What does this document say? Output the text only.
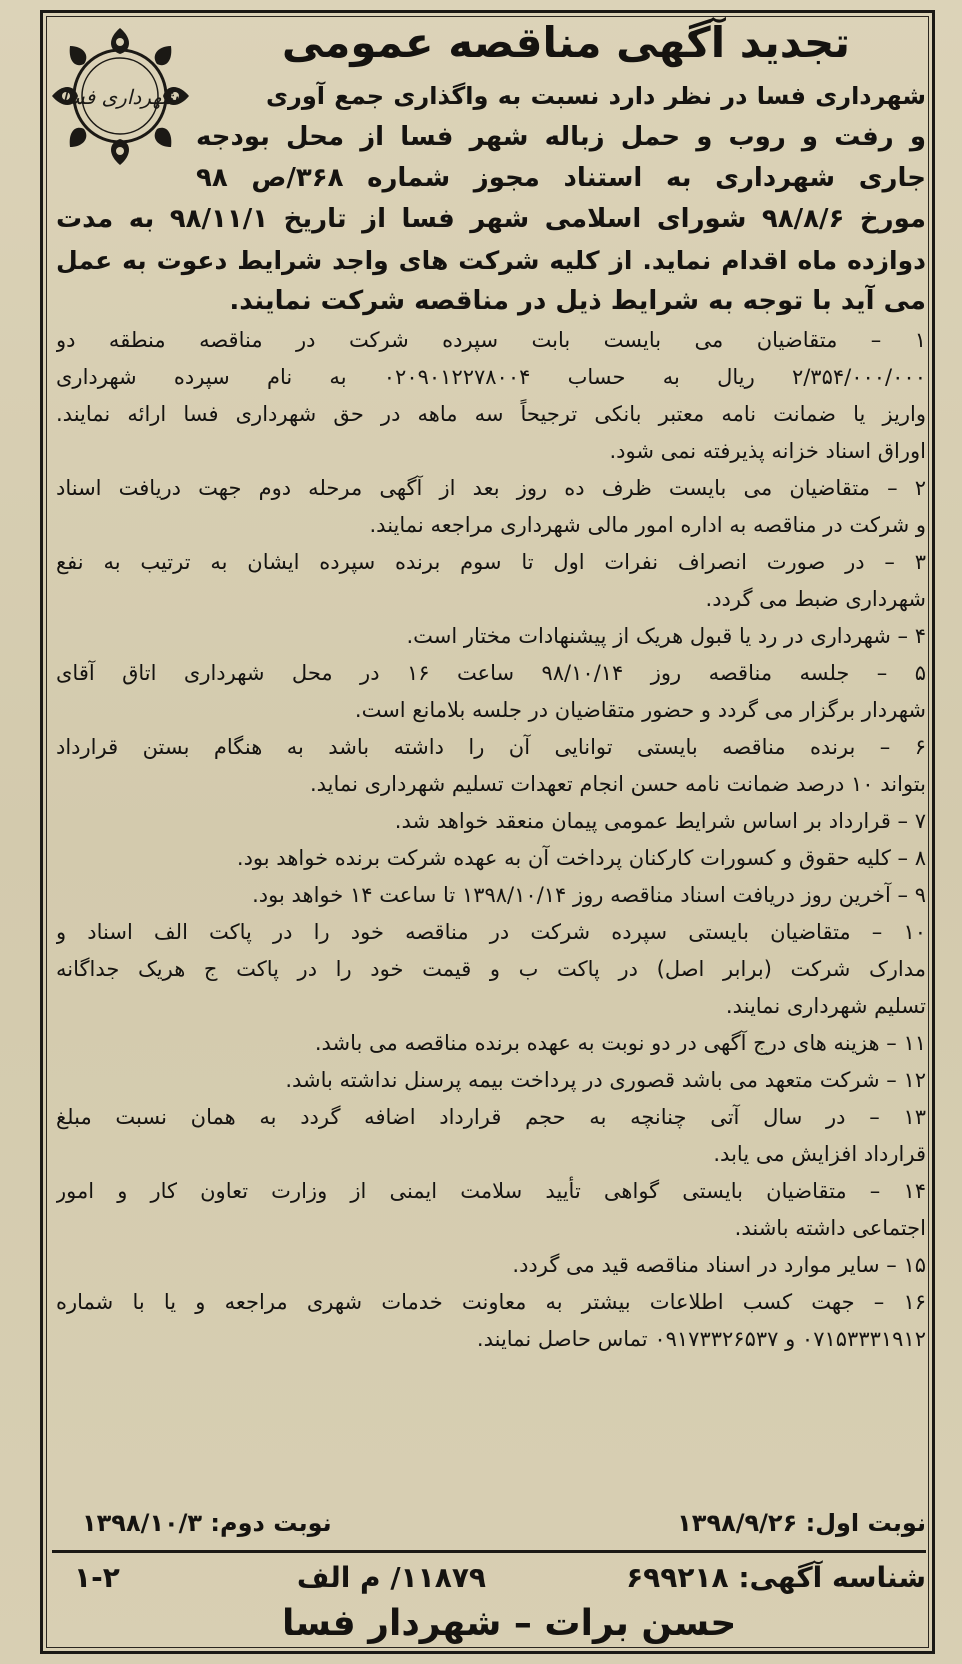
شهرداری فسا
تجدید آگهی مناقصه عمومی
شهرداری فسا در نظر دارد نسبت به واگذاری جمع آوری
و رفت و روب و حمل زباله شهر فسا از محل بودجه
جاری شهرداری به استناد مجوز شماره ۳۶۸/ص ۹۸
مورخ ۹۸/۸/۶ شورای اسلامی شهر فسا از تاریخ ۹۸/۱۱/۱ به مدت
دوازده ماه اقدام نماید. از کلیه شرکت های واجد شرایط دعوت به عمل
می آید با توجه به شرایط ذیل در مناقصه شرکت نمایند.
۱ – متقاضیان می بایست بابت سپرده شرکت در مناقصه منطقه دو
۲/۳۵۴/۰۰۰/۰۰۰ ریال به حساب ۰۲۰۹۰۱۲۲۷۸۰۰۴ به نام سپرده شهرداری
واریز یا ضمانت نامه معتبر بانکی ترجیحاً سه ماهه در حق شهرداری فسا ارائه نمایند.
اوراق اسناد خزانه پذیرفته نمی شود.
۲ – متقاضیان می بایست ظرف ده روز بعد از آگهی مرحله دوم جهت دریافت اسناد
و شرکت در مناقصه به اداره امور مالی شهرداری مراجعه نمایند.
۳ – در صورت انصراف نفرات اول تا سوم برنده سپرده ایشان به ترتیب به نفع
شهرداری ضبط می گردد.
۴ – شهرداری در رد یا قبول هریک از پیشنهادات مختار است.
۵ – جلسه مناقصه روز ۹۸/۱۰/۱۴ ساعت ۱۶ در محل شهرداری اتاق آقای
شهردار برگزار می گردد و حضور متقاضیان در جلسه بلامانع است.
۶ – برنده مناقصه بایستی توانایی آن را داشته باشد به هنگام بستن قرارداد
بتواند ۱۰ درصد ضمانت نامه حسن انجام تعهدات تسلیم شهرداری نماید.
۷ – قرارداد بر اساس شرایط عمومی پیمان منعقد خواهد شد.
۸ – کلیه حقوق و کسورات کارکنان پرداخت آن به عهده شرکت برنده خواهد بود.
۹ – آخرین روز دریافت اسناد مناقصه روز ۱۳۹۸/۱۰/۱۴ تا ساعت ۱۴ خواهد بود.
۱۰ – متقاضیان بایستی سپرده شرکت در مناقصه خود را در پاکت الف اسناد و
مدارک شرکت (برابر اصل) در پاکت ب و قیمت خود را در پاکت ج هریک جداگانه
تسلیم شهرداری نمایند.
۱۱ – هزینه های درج آگهی در دو نوبت به عهده برنده مناقصه می باشد.
۱۲ – شرکت متعهد می باشد قصوری در پرداخت بیمه پرسنل نداشته باشد.
۱۳ – در سال آتی چنانچه به حجم قرارداد اضافه گردد به همان نسبت مبلغ
قرارداد افزایش می یابد.
۱۴ – متقاضیان بایستی گواهی تأیید سلامت ایمنی از وزارت تعاون کار و امور
اجتماعی داشته باشند.
۱۵ – سایر موارد در اسناد مناقصه قید می گردد.
۱۶ – جهت کسب اطلاعات بیشتر به معاونت خدمات شهری مراجعه و یا با شماره
۰۷۱۵۳۳۳۱۹۱۲ و ۰۹۱۷۳۳۲۶۵۳۷ تماس حاصل نمایند.
نوبت اول: ۱۳۹۸/۹/۲۶
نوبت دوم: ۱۳۹۸/۱۰/۳
شناسه آگهی: ۶۹۹۲۱۸
۱۱۸۷۹/ م الف
۱-۲
حسن برات – شهردار فسا
